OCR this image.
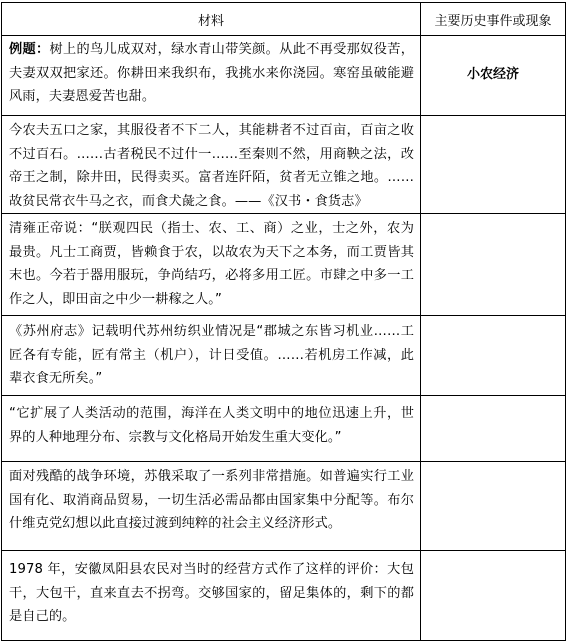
材料	主要历史事件或现象

例题：树上的鸟儿成双对，绿水青山带笑颜。从此不再受那奴役苦，夫妻双双把家还。你耕田来我织布，我挑水来你浇园。寒窑虽破能避风雨，夫妻恩爱苦也甜。	小农经济

今农夫五口之家，其服役者不下二人，其能耕者不过百亩，百亩之收不过百石。……古者税民不过什一……至秦则不然，用商鞅之法，改帝王之制，除井田，民得卖买。富者连阡陌，贫者无立锥之地。……故贫民常衣牛马之衣，而食犬彘之食。——《汉书・食货志》	

清雍正帝说：“朕观四民（指士、农、工、商）之业，士之外，农为最贵。凡士工商贾，皆赖食于农，以故农为天下之本务，而工贾皆其末也。今若于器用服玩，争尚结巧，必将多用工匠。市肆之中多一工作之人，即田亩之中少一耕稼之人。”	

《苏州府志》记载明代苏州纺织业情况是“郡城之东皆习机业……工匠各有专能，匠有常主（机户），计日受值。……若机房工作减，此辈衣食无所矣。”	

“它扩展了人类活动的范围，海洋在人类文明中的地位迅速上升，世界的人种地理分布、宗教与文化格局开始发生重大变化。”	

面对残酷的战争环境，苏俄采取了一系列非常措施。如普遍实行工业国有化、取消商品贸易，一切生活必需品都由国家集中分配等。布尔什维克党幻想以此直接过渡到纯粹的社会主义经济形式。	

1978 年，安徽凤阳县农民对当时的经营方式作了这样的评价：大包干，大包干，直来直去不拐弯。交够国家的，留足集体的，剩下的都是自己的。	
